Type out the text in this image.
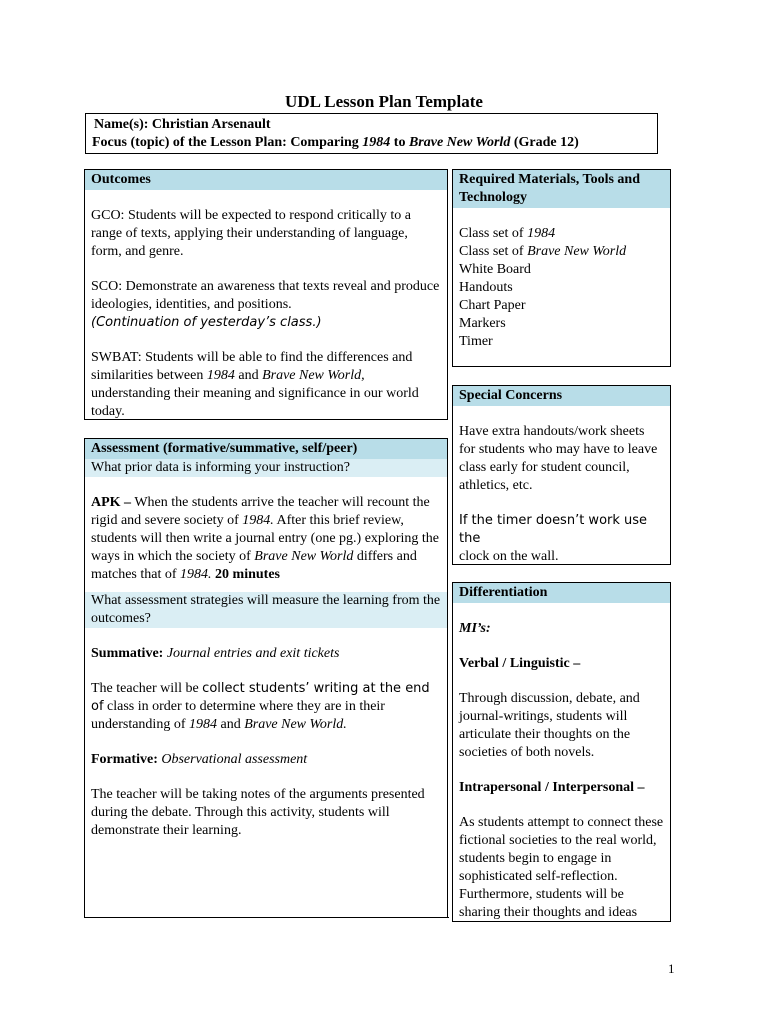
UDL Lesson Plan Template
Name(s): Christian Arsenault
Focus (topic) of the Lesson Plan: Comparing 1984 to Brave New World (Grade 12)
Outcomes

GCO: Students will be expected to respond critically to a range of texts, applying their understanding of language, form, and genre.

SCO: Demonstrate an awareness that texts reveal and produce ideologies, identities, and positions.

(Continuation of yesterday’s class.)

SWBAT: Students will be able to find the differences and similarities between 1984 and Brave New World, understanding their meaning and significance in our world today.

Assessment (formative/summative, self/peer)
What prior data is informing your instruction?

APK – When the students arrive the teacher will recount the rigid and severe society of 1984. After this brief review, students will then write a journal entry (one pg.) exploring the ways in which the society of Brave New World differs and matches that of 1984. 20 minutes

What assessment strategies will measure the learning from the outcomes?

Summative: Journal entries and exit tickets

The teacher will be collect students’ writing at the end of class in order to determine where they are in their understanding of 1984 and Brave New World.

Formative: Observational assessment

The teacher will be taking notes of the arguments presented during the debate. Through this activity, students will demonstrate their learning.

Required Materials, Tools and Technology

Class set of 1984

Class set of Brave New World

White Board

Handouts

Chart Paper

Markers

Timer

Special Concerns

Have extra handouts/work sheets for students who may have to leave class early for student council, athletics, etc.

If the timer doesn’t work use the

clock on the wall.

Differentiation

MI’s:

Verbal / Linguistic –

Through discussion, debate, and journal-writings, students will articulate their thoughts on the societies of both novels.

Intrapersonal / Interpersonal –

As students attempt to connect these fictional societies to the real world, students begin to engage in sophisticated self-reflection. Furthermore, students will be sharing their thoughts and ideas

1
